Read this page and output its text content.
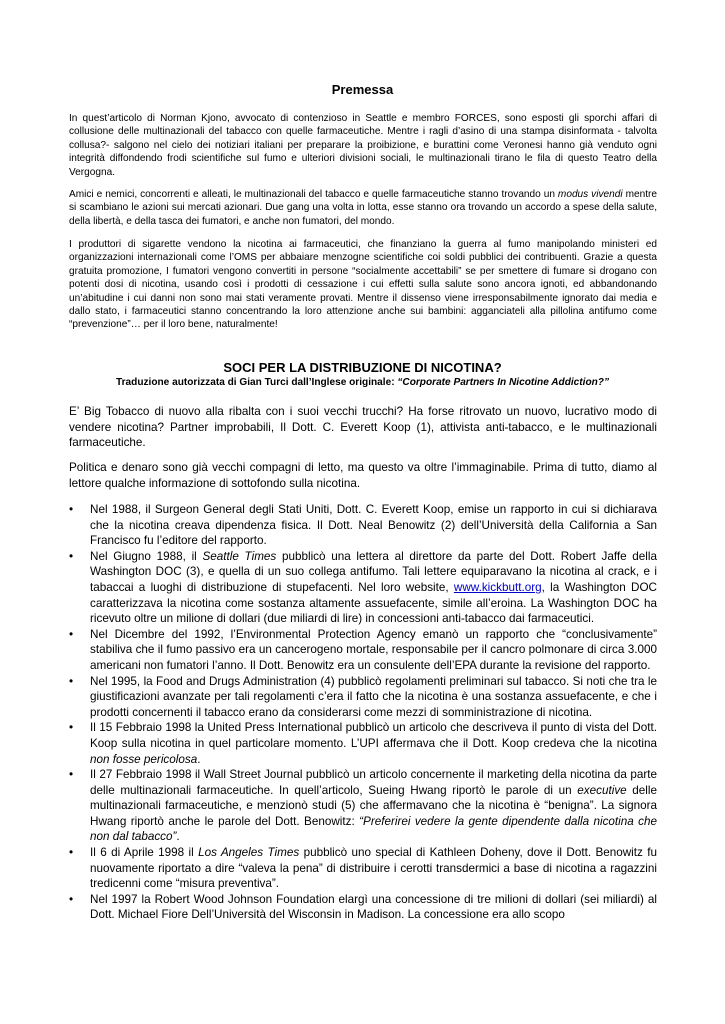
Premessa

In quest’articolo di Norman Kjono, avvocato di contenzioso in Seattle e membro FORCES, sono esposti gli sporchi affari di collusione delle multinazionali del tabacco con quelle farmaceutiche. Mentre i ragli d’asino di una stampa disinformata - talvolta collusa?- salgono nel cielo dei notiziari italiani per preparare la proibizione, e burattini come Veronesi hanno già venduto ogni integrità diffondendo frodi scientifiche sul fumo e ulteriori divisioni sociali, le multinazionali tirano le fila di questo Teatro della Vergogna.

Amici e nemici, concorrenti e alleati, le multinazionali del tabacco e quelle farmaceutiche stanno trovando un modus vivendi mentre si scambiano le azioni sui mercati azionari. Due gang una volta in lotta, esse stanno ora trovando un accordo a spese della salute, della libertà, e della tasca dei fumatori, e anche non fumatori, del mondo.

I produttori di sigarette vendono la nicotina ai farmaceutici, che finanziano la guerra al fumo manipolando ministeri ed organizzazioni internazionali come l’OMS per abbaiare menzogne scientifiche coi soldi pubblici dei contribuenti. Grazie a questa gratuita promozione, I fumatori vengono convertiti in persone “socialmente accettabili” se per smettere di fumare si drogano con potenti dosi di nicotina, usando così i prodotti di cessazione i cui effetti sulla salute sono ancora ignoti, ed abbandonando un’abitudine i cui danni non sono mai stati veramente provati. Mentre il dissenso viene irresponsabilmente ignorato dai media e dallo stato, i farmaceutici stanno concentrando la loro attenzione anche sui bambini: agganciateli alla pillolina antifumo come “prevenzione”… per il loro bene, naturalmente!

SOCI PER LA DISTRIBUZIONE DI NICOTINA?

Traduzione autorizzata di Gian Turci dall’Inglese originale: “Corporate Partners In Nicotine Addiction?”

E’ Big Tobacco di nuovo alla ribalta con i suoi vecchi trucchi? Ha forse ritrovato un nuovo, lucrativo modo di vendere nicotina? Partner improbabili, Il Dott. C. Everett Koop (1), attivista anti-tabacco, e le multinazionali farmaceutiche.

Politica e denaro sono già vecchi compagni di letto, ma questo va oltre l’immaginabile. Prima di tutto, diamo al lettore qualche informazione di sottofondo sulla nicotina.

• Nel 1988, il Surgeon General degli Stati Uniti, Dott. C. Everett Koop, emise un rapporto in cui si dichiarava che la nicotina creava dipendenza fisica. Il Dott. Neal Benowitz (2) dell’Università della California a San Francisco fu l’editore del rapporto.
• Nel Giugno 1988, il Seattle Times pubblicò una lettera al direttore da parte del Dott. Robert Jaffe della Washington DOC (3), e quella di un suo collega antifumo. Tali lettere equiparavano la nicotina al crack, e i tabaccai a luoghi di distribuzione di stupefacenti. Nel loro website, www.kickbutt.org, la Washington DOC caratterizzava la nicotina come sostanza altamente assuefacente, simile all’eroina. La Washington DOC ha ricevuto oltre un milione di dollari (due miliardi di lire) in concessioni anti-tabacco dai farmaceutici.
• Nel Dicembre del 1992, l’Environmental Protection Agency emanò un rapporto che “conclusivamente” stabiliva che il fumo passivo era un cancerogeno mortale, responsabile per il cancro polmonare di circa 3.000 americani non fumatori l’anno. Il Dott. Benowitz era un consulente dell’EPA durante la revisione del rapporto.
• Nel 1995, la Food and Drugs Administration (4) pubblicò regolamenti preliminari sul tabacco. Si noti che tra le giustificazioni avanzate per tali regolamenti c’era il fatto che la nicotina è una sostanza assuefacente, e che i prodotti concernenti il tabacco erano da considerarsi come mezzi di somministrazione di nicotina.
• Il 15 Febbraio 1998 la United Press International pubblicò un articolo che descriveva il punto di vista del Dott. Koop sulla nicotina in quel particolare momento. L’UPI affermava che il Dott. Koop credeva che la nicotina non fosse pericolosa.
• Il 27 Febbraio 1998 il Wall Street Journal pubblicò un articolo concernente il marketing della nicotina da parte delle multinazionali farmaceutiche. In quell’articolo, Sueing Hwang riportò le parole di un executive delle multinazionali farmaceutiche, e menzionò studi (5) che affermavano che la nicotina è “benigna”. La signora Hwang riportò anche le parole del Dott. Benowitz: “Preferirei vedere la gente dipendente dalla nicotina che non dal tabacco”.
• Il 6 di Aprile 1998 il Los Angeles Times pubblicò uno special di Kathleen Doheny, dove il Dott. Benowitz fu nuovamente riportato a dire “valeva la pena” di distribuire i cerotti transdermici a base di nicotina a ragazzini tredicenni come “misura preventiva”.
• Nel 1997 la Robert Wood Johnson Foundation elargì una concessione di tre milioni di dollari (sei miliardi) al Dott. Michael Fiore Dell’Università del Wisconsin in Madison. La concessione era allo scopo
